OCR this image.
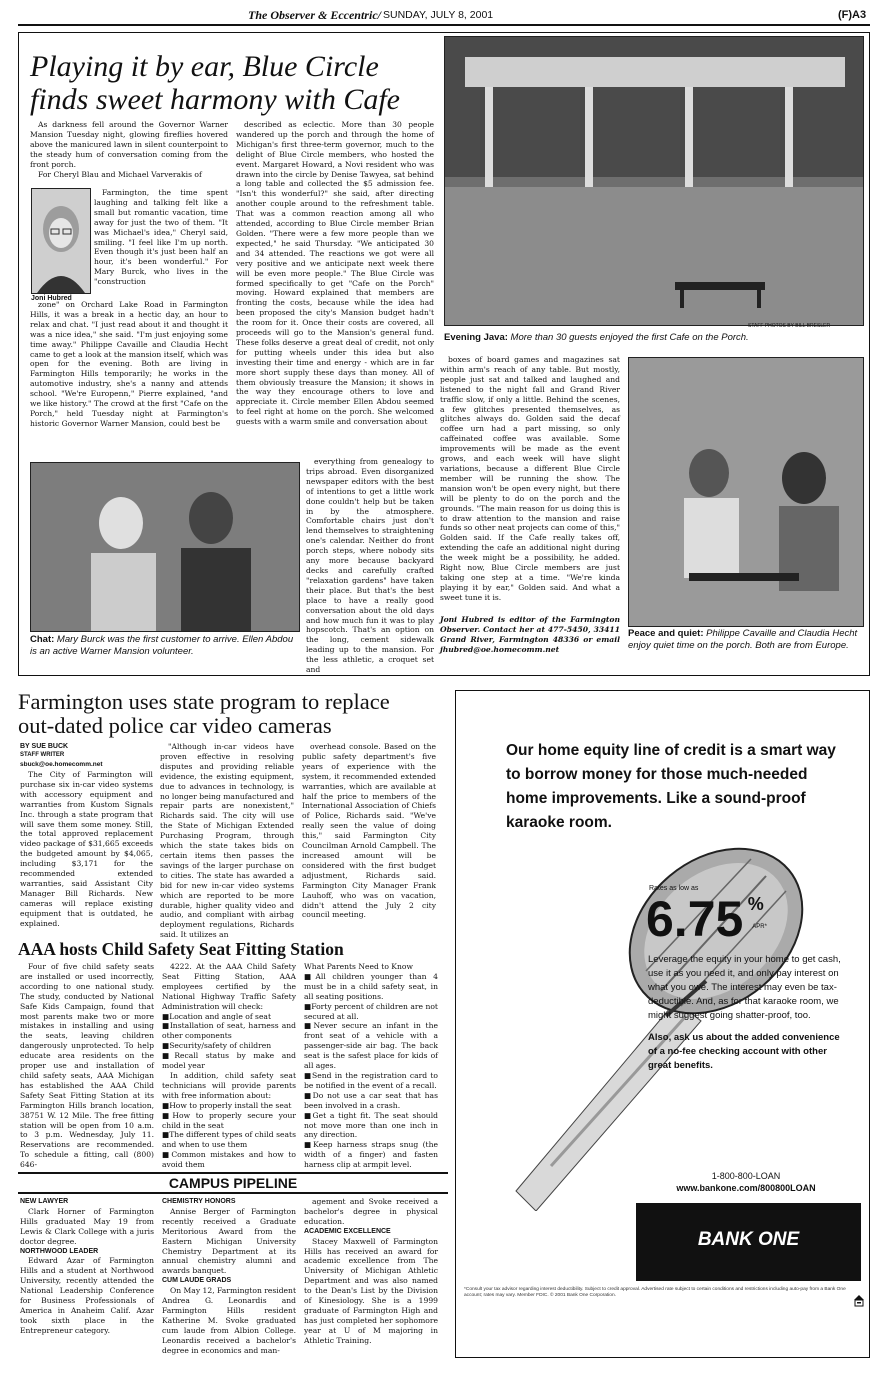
The Observer & Eccentric/ SUNDAY, JULY 8, 2001	(F)A3
Playing it by ear, Blue Circle
finds sweet harmony with Cafe

As darkness fell around the Governor Warner Mansion Tuesday night, glowing fireflies hovered above the manicured lawn in silent counterpoint to the steady hum of conversation coming from the front porch.

For Cheryl Blau and Michael Varverakis of

Joni Hubred

Farmington, the time spent laughing and talking felt like a small but romantic vacation, time away for just the two of them. "It was Michael's idea," Cheryl said, smiling. "I feel like I'm up north. Even though it's just been half an hour, it's been wonderful." For Mary Burck, who lives in the "construction

zone" on Orchard Lake Road in Farmington Hills, it was a break in a hectic day, an hour to relax and chat. "I just read about it and thought it was a nice idea," she said. "I'm just enjoying some time away." Philippe Cavaille and Claudia Hecht came to get a look at the mansion itself, which was open for the evening. Both are living in Farmington Hills temporarily; he works in the automotive industry, she's a nanny and attends school. "We're Europenn," Pierre explained, "and we like history." The crowd at the first "Cafe on the Porch," held Tuesday night at Farmington's historic Governor Warner Mansion, could best be

described as eclectic. More than 30 people wandered up the porch and through the home of Michigan's first three-term governor, much to the delight of Blue Circle members, who hosted the event. Margaret Howard, a Novi resident who was drawn into the circle by Denise Tawyea, sat behind a long table and collected the $5 admission fee. "Isn't this wonderful?" she said, after directing another couple around to the refreshment table. That was a common reaction among all who attended, according to Blue Circle member Brian Golden. "There were a few more people than we expected," he said Thursday. "We anticipated 30 and 34 attended. The reactions we got were all very positive and we anticipate next week there will be even more people." The Blue Circle was formed specifically to get "Cafe on the Porch" moving. Howard explained that members are fronting the costs, because while the idea had been proposed the city's Mansion budget hadn't the room for it. Once their costs are covered, all proceeds will go to the Mansion's general fund. These folks deserve a great deal of credit, not only for putting wheels under this idea but also investing their time and energy - which are in far more short supply these days than money. All of them obviously treasure the Mansion; it shows in the way they encourage others to love and appreciate it. Circle member Ellen Abdou seemed to feel right at home on the porch. She welcomed guests with a warm smile and conversation about

STAFF PHOTOS BY BILL BRESLER
Evening Java: More than 30 guests enjoyed the first Cafe on the Porch.

boxes of board games and magazines sat within arm's reach of any table. But mostly, people just sat and talked and laughed and listened to the night fall and Grand River traffic slow, if only a little. Behind the scenes, a few glitches presented themselves, as glitches always do. Golden said the decaf coffee urn had a part missing, so only caffeinated coffee was available. Some improvements will be made as the event grows, and each week will have slight variations, because a different Blue Circle member will be running the show. The mansion won't be open every night, but there will be plenty to do on the porch and the grounds. "The main reason for us doing this is to draw attention to the mansion and raise funds so other neat projects can come of this," Golden said. If the Cafe really takes off, extending the cafe an additional night during the week might be a possibility, he added. Right now, Blue Circle members are just taking one step at a time. "We're kinda playing it by ear," Golden said. And what a sweet tune it is.

Joni Hubred is editor of the Farmington Observer. Contact her at 477-5450, 33411 Grand River, Farmington 48336 or email jhubred@oe.homecomm.net
Peace and quiet: Philippe Cavaille and Claudia Hecht enjoy quiet time on the porch. Both are from Europe.
Chat: Mary Burck was the first customer to arrive. Ellen Abdou is an active Warner Mansion volunteer.

everything from genealogy to trips abroad. Even disorganized newspaper editors with the best of intentions to get a little work done couldn't help but be taken in by the atmosphere. Comfortable chairs just don't lend themselves to straightening one's calendar. Neither do front porch steps, where nobody sits any more because backyard decks and carefully crafted "relaxation gardens" have taken their place. But that's the best place to have a really good conversation about the old days and how much fun it was to play hopscotch. That's an option on the long, cement sidewalk leading up to the mansion. For the less athletic, a croquet set and

Farmington uses state program to replace
out-dated police car video cameras
BY SUE BUCK
STAFF WRITER
sbuck@oe.homecomm.net

The City of Farmington will purchase six in-car video systems with accessory equipment and warranties from Kustom Signals Inc. through a state program that will save them some money. Still, the total approved replacement video package of $31,665 exceeds the budgeted amount by $4,065, including $3,171 for the recommended extended warranties, said Assistant City Manager Bill Richards. New cameras will replace existing equipment that is outdated, he explained.

"Although in-car videos have proven effective in resolving disputes and providing reliable evidence, the existing equipment, due to advances in technology, is no longer being manufactured and repair parts are nonexistent," Richards said. The city will use the State of Michigan Extended Purchasing Program, through which the state takes bids on certain items then passes the savings of the larger purchase on to cities. The state has awarded a bid for new in-car video systems which are reported to be more durable, higher quality video and audio, and compliant with airbag deployment regulations, Richards said. It utilizes an

overhead console. Based on the public safety department's five years of experience with the system, it recommended extended warranties, which are available at half the price to members of the International Association of Chiefs of Police, Richards said. "We've really seen the value of doing this," said Farmington City Councilman Arnold Campbell. The increased amount will be considered with the first budget adjustment, Richards said. Farmington City Manager Frank Lauhoff, who was on vacation, didn't attend the July 2 city council meeting.

AAA hosts Child Safety Seat Fitting Station

Four of five child safety seats are installed or used incorrectly, according to one national study. The study, conducted by National Safe Kids Campaign, found that most parents make two or more mistakes in installing and using the seats, leaving children dangerously unprotected. To help educate area residents on the proper use and installation of child safety seats, AAA Michigan has established the AAA Child Safety Seat Fitting Station at its Farmington Hills branch location, 38751 W. 12 Mile. The free fitting station will be open from 10 a.m. to 3 p.m. Wednesday, July 11. Reservations are recommended. To schedule a fitting, call (800) 646-

4222. At the AAA Child Safety Seat Fitting Station, AAA employees certified by the National Highway Traffic Safety Administration will check:

■ Location and angle of seat
■ Installation of seat, harness and other components
■ Security/safety of children
■ Recall status by make and model year

In addition, child safety seat technicians will provide parents with free information about:

■ How to properly install the seat
■ How to properly secure your child in the seat
■ The different types of child seats and when to use them
■ Common mistakes and how to avoid them
What Parents Need to Know
■ All children younger than 4 must be in a child safety seat, in all seating positions.
■ Forty percent of children are not secured at all.
■ Never secure an infant in the front seat of a vehicle with a passenger-side air bag. The back seat is the safest place for kids of all ages.
■ Send in the registration card to be notified in the event of a recall.
■ Do not use a car seat that has been involved in a crash.
■ Get a tight fit. The seat should not move more than one inch in any direction.
■ Keep harness straps snug (the width of a finger) and fasten harness clip at armpit level.
CAMPUS PIPELINE
NEW LAWYER

Clark Horner of Farmington Hills graduated May 19 from Lewis & Clark College with a juris doctor degree.

NORTHWOOD LEADER

Edward Azar of Farmington Hills and a student at Northwood University, recently attended the National Leadership Conference for Business Professionals of America in Anaheim Calif. Azar took sixth place in the Entrepreneur category.

CHEMISTRY HONORS

Annise Berger of Farmington recently received a Graduate Meritorious Award from the Eastern Michigan University Chemistry Department at its annual chemistry alumni and awards banquet.

CUM LAUDE GRADS

On May 12, Farmington resident Andrea G. Leonardis and Farmington Hills resident Katherine M. Svoke graduated cum laude from Albion College. Leonardis received a bachelor's degree in economics and man-

agement and Svoke received a bachelor's degree in physical education.

ACADEMIC EXCELLENCE

Stacey Maxwell of Farmington Hills has received an award for academic excellence from The University of Michigan Athletic Department and was also named to the Dean's List by the Division of Kinesiology. She is a 1999 graduate of Farmington High and has just completed her sophomore year at U of M majoring in Athletic Training.

Our home equity line of credit is a smart way to borrow money for those much-needed home improvements. Like a sound-proof karaoke room.
Rates as low as
6.75 % $^{APR*}$
Leverage the equity in your home to get cash, use it as you need it, and only pay interest on what you owe. The interest may even be tax-deductible. And, as for that karaoke room, we might suggest going shatter-proof, too.
Also, ask us about the added convenience of a no-fee checking account with other great benefits.
1-800-800-LOAN
www.bankone.com/800800LOAN
BANK ONE
*Consult your tax advisor regarding interest deductibility. Subject to credit approval. Advertised rate subject to certain conditions and restrictions including auto-pay from a Bank One account; rates may vary. Member FDIC. © 2001 Bank One Corporation.
